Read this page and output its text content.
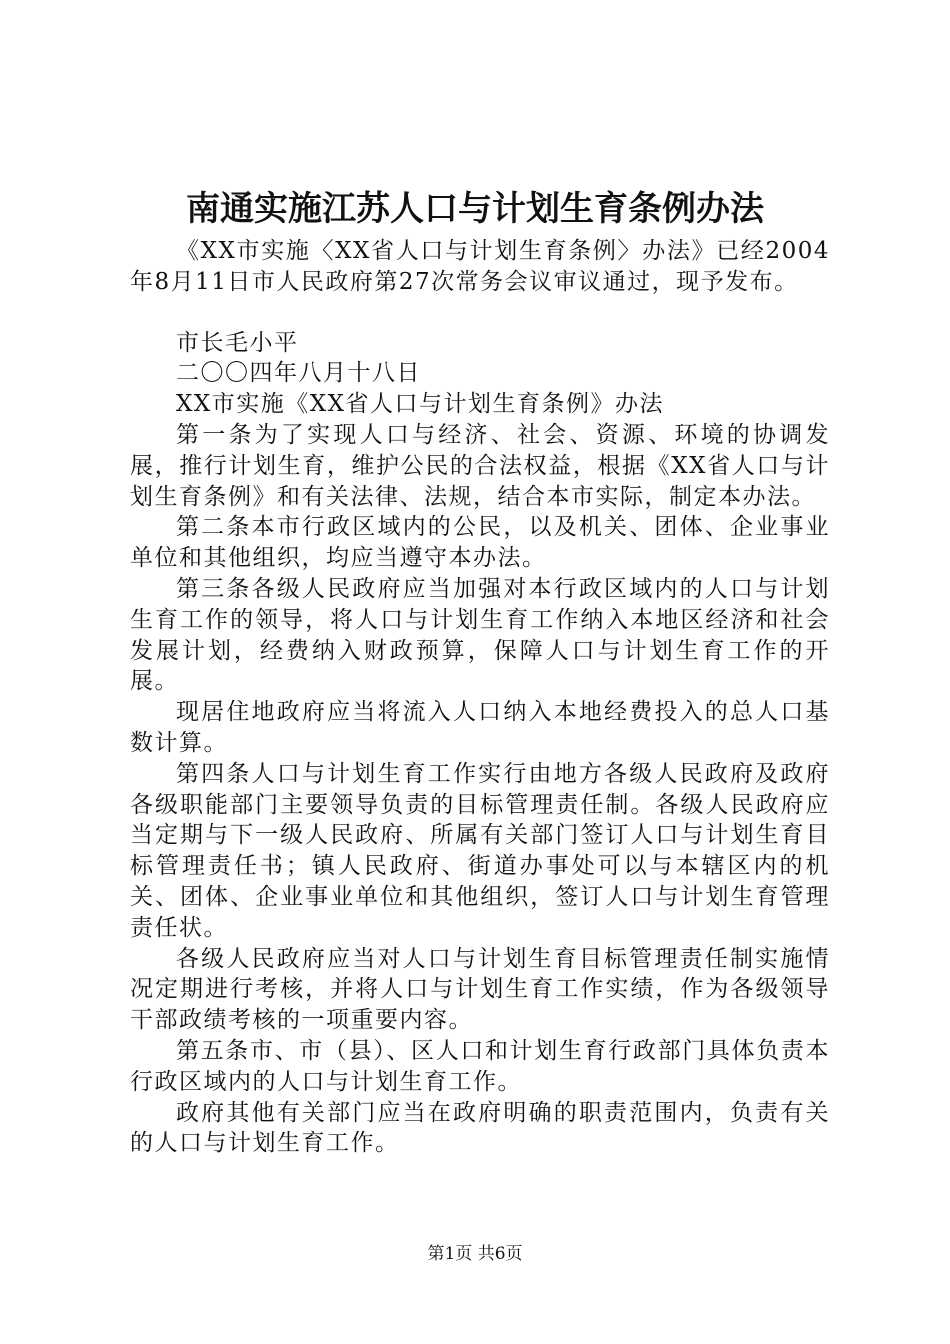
南通实施江苏人口与计划生育条例办法

《XX市实施〈XX省人口与计划生育条例〉办法》已经2004年8月11日市人民政府第27次常务会议审议通过，现予发布。

市长毛小平

二〇〇四年八月十八日

XX市实施《XX省人口与计划生育条例》办法

第一条为了实现人口与经济、社会、资源、环境的协调发展，推行计划生育，维护公民的合法权益，根据《XX省人口与计划生育条例》和有关法律、法规，结合本市实际，制定本办法。

第二条本市行政区域内的公民，以及机关、团体、企业事业单位和其他组织，均应当遵守本办法。

第三条各级人民政府应当加强对本行政区域内的人口与计划生育工作的领导，将人口与计划生育工作纳入本地区经济和社会发展计划，经费纳入财政预算，保障人口与计划生育工作的开展。

现居住地政府应当将流入人口纳入本地经费投入的总人口基数计算。

第四条人口与计划生育工作实行由地方各级人民政府及政府各级职能部门主要领导负责的目标管理责任制。各级人民政府应当定期与下一级人民政府、所属有关部门签订人口与计划生育目标管理责任书；镇人民政府、街道办事处可以与本辖区内的机关、团体、企业事业单位和其他组织，签订人口与计划生育管理责任状。

各级人民政府应当对人口与计划生育目标管理责任制实施情况定期进行考核，并将人口与计划生育工作实绩，作为各级领导干部政绩考核的一项重要内容。

第五条市、市（县）、区人口和计划生育行政部门具体负责本行政区域内的人口与计划生育工作。

政府其他有关部门应当在政府明确的职责范围内，负责有关的人口与计划生育工作。

第1页 共6页
